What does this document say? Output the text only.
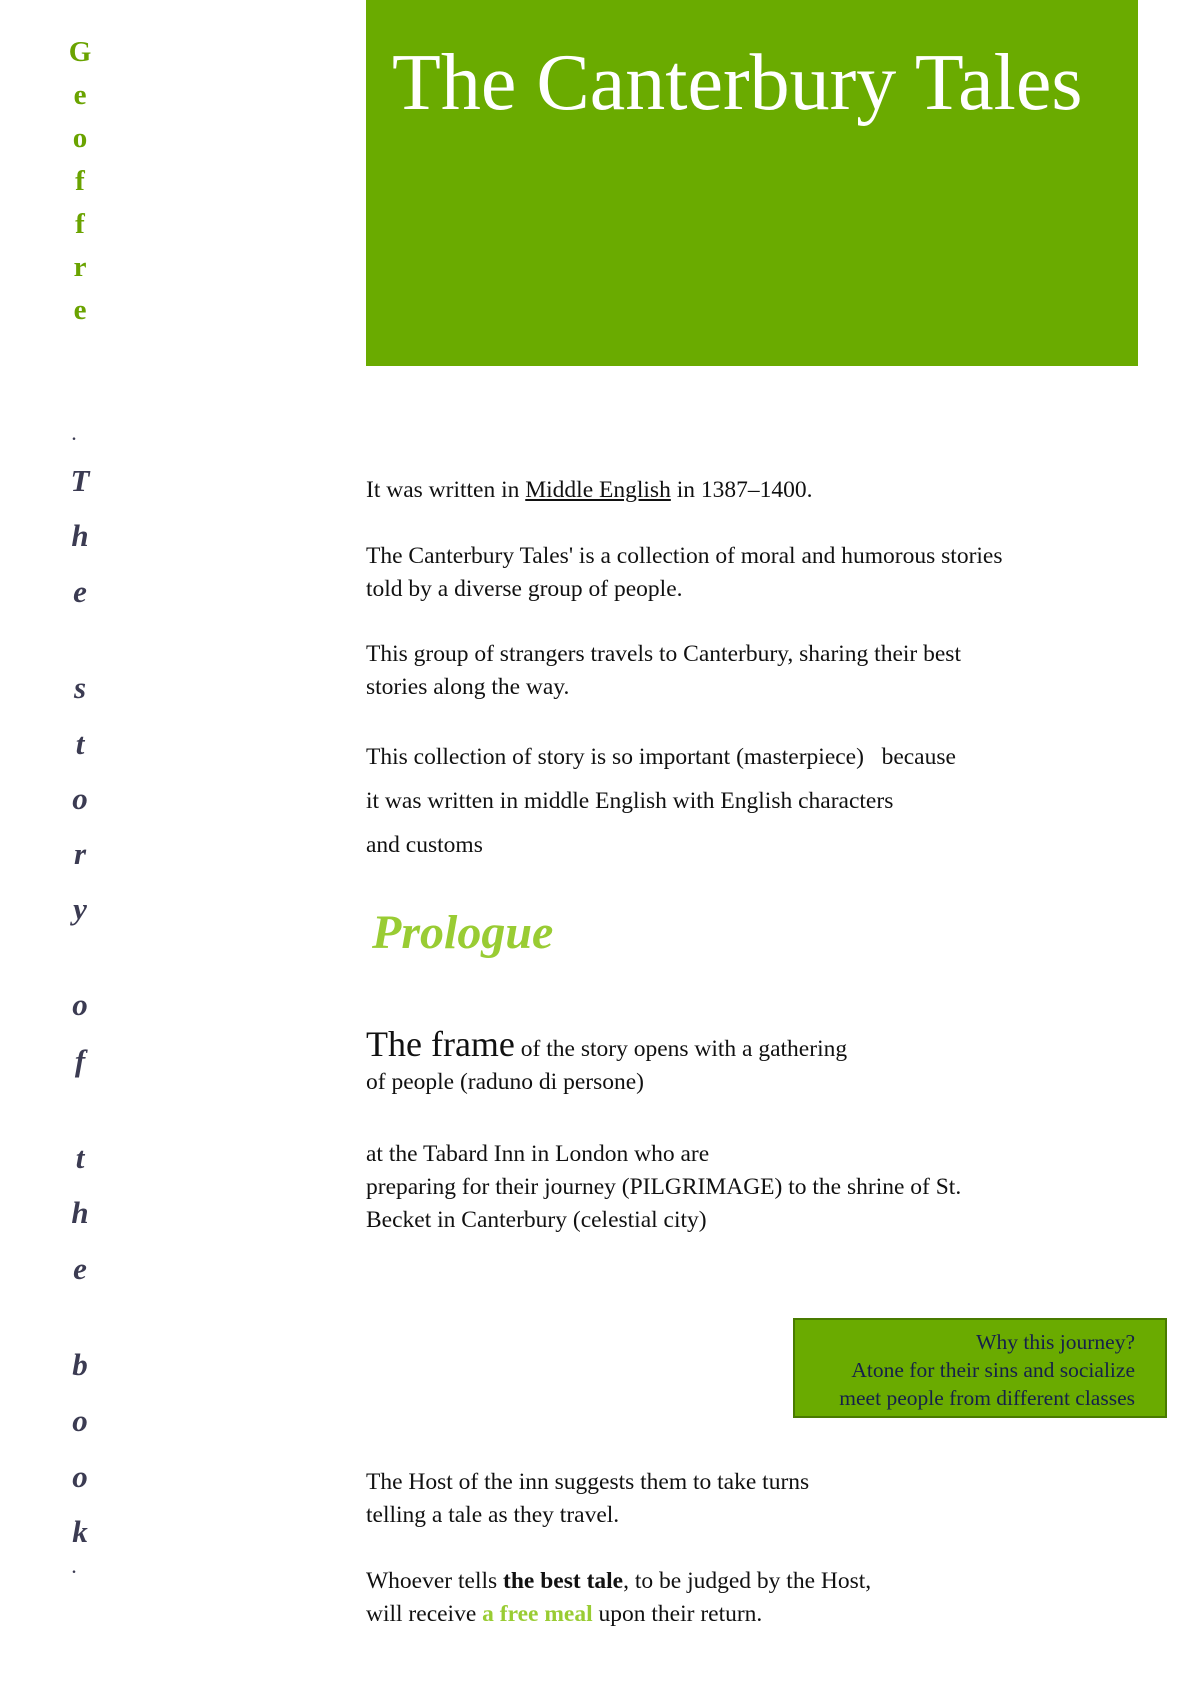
G
e
o
f
f
r
e
.
T
h
e
s
t
o
r
y
o
f
t
h
e
b
o
o
k
.
The Canterbury Tales
It was written in Middle English in 1387–1400.
The Canterbury Tales' is a collection of moral and humorous stories
told by a diverse group of people.
This group of strangers travels to Canterbury, sharing their best
stories along the way.
This collection of story is so important (masterpiece)   because
it was written in middle English with English characters
and customs
Prologue
The frame of the story opens with a gathering
of people (raduno di persone)
at the Tabard Inn in London who are
preparing for their journey (PILGRIMAGE) to the shrine of St.
Becket in Canterbury (celestial city)
Why this journey?
Atone for their sins and socialize
meet people from different classes
The Host of the inn suggests them to take turns
telling a tale as they travel.
Whoever tells the best tale, to be judged by the Host,
will receive a free meal upon their return.
